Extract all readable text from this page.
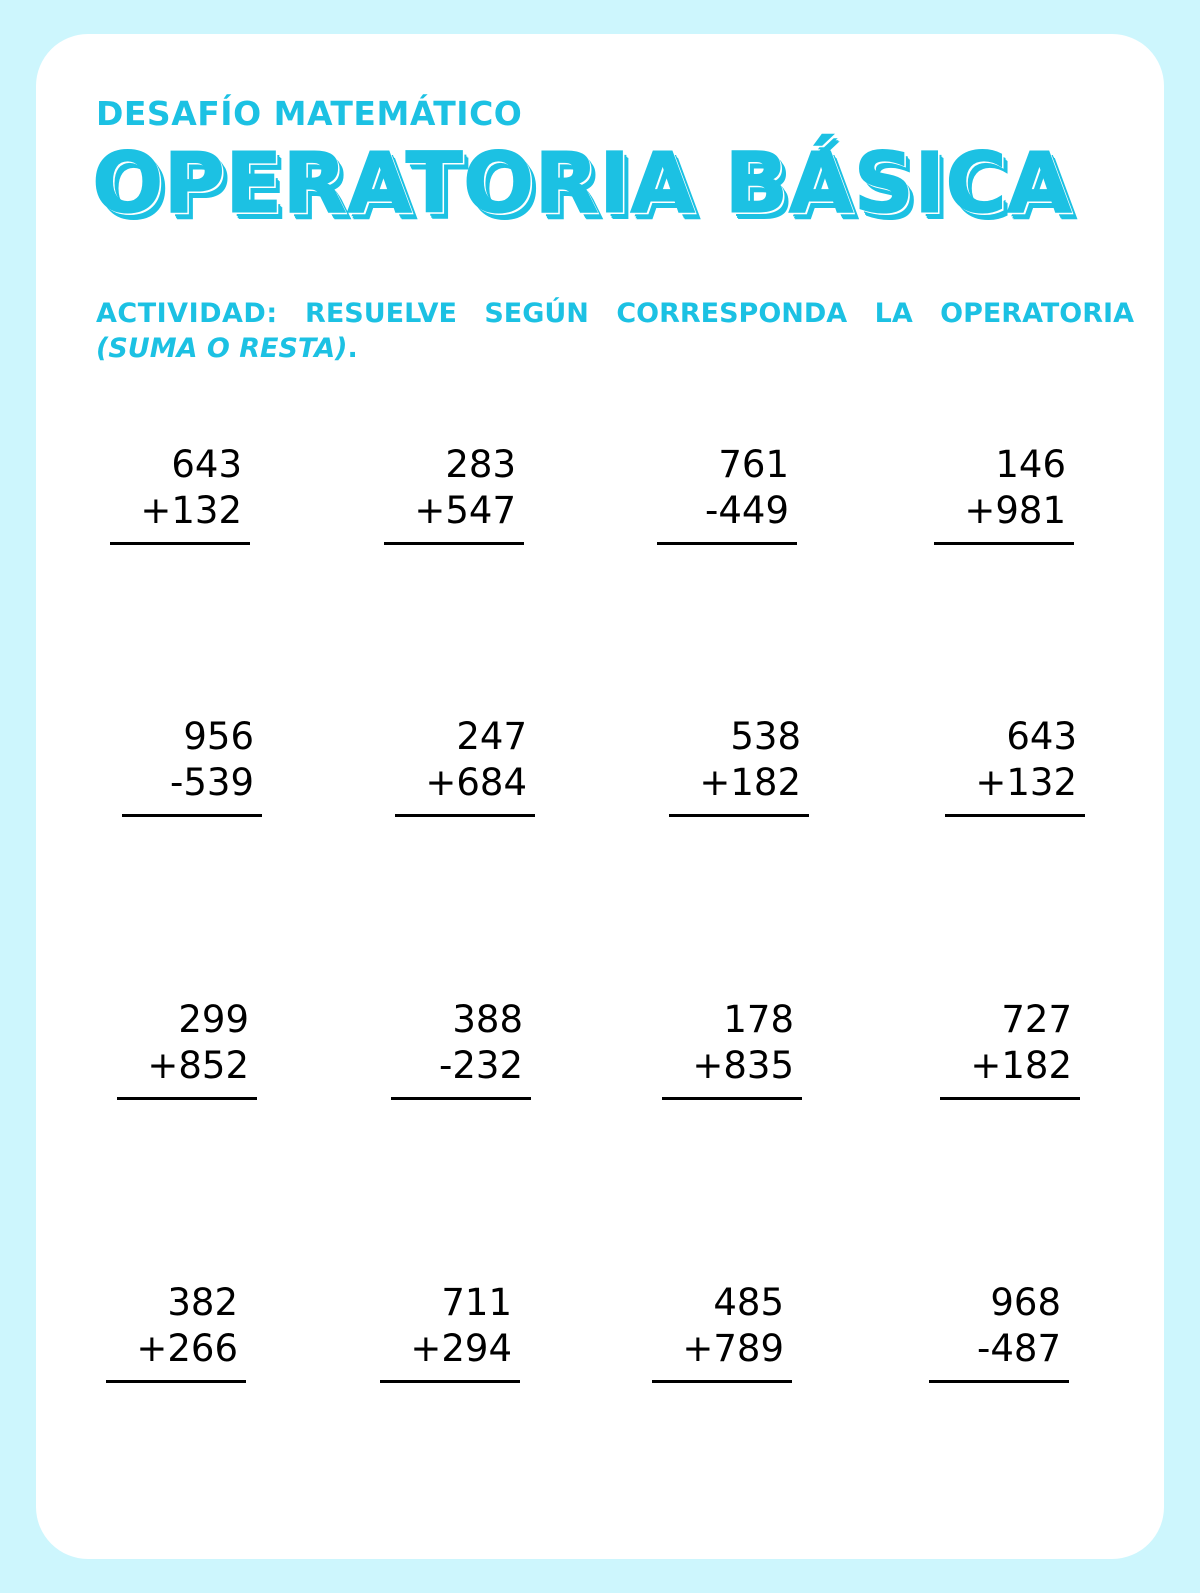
DESAFÍO MATEMÁTICO
OPERATORIA BÁSICA

ACTIVIDAD: RESUELVE SEGÚN CORRESPONDA LA OPERATORIA (SUMA O RESTA).

643
+132
283
+547
761
-449
146
+981
956
-539
247
+684
538
+182
643
+132
299
+852
388
-232
178
+835
727
+182
382
+266
711
+294
485
+789
968
-487
